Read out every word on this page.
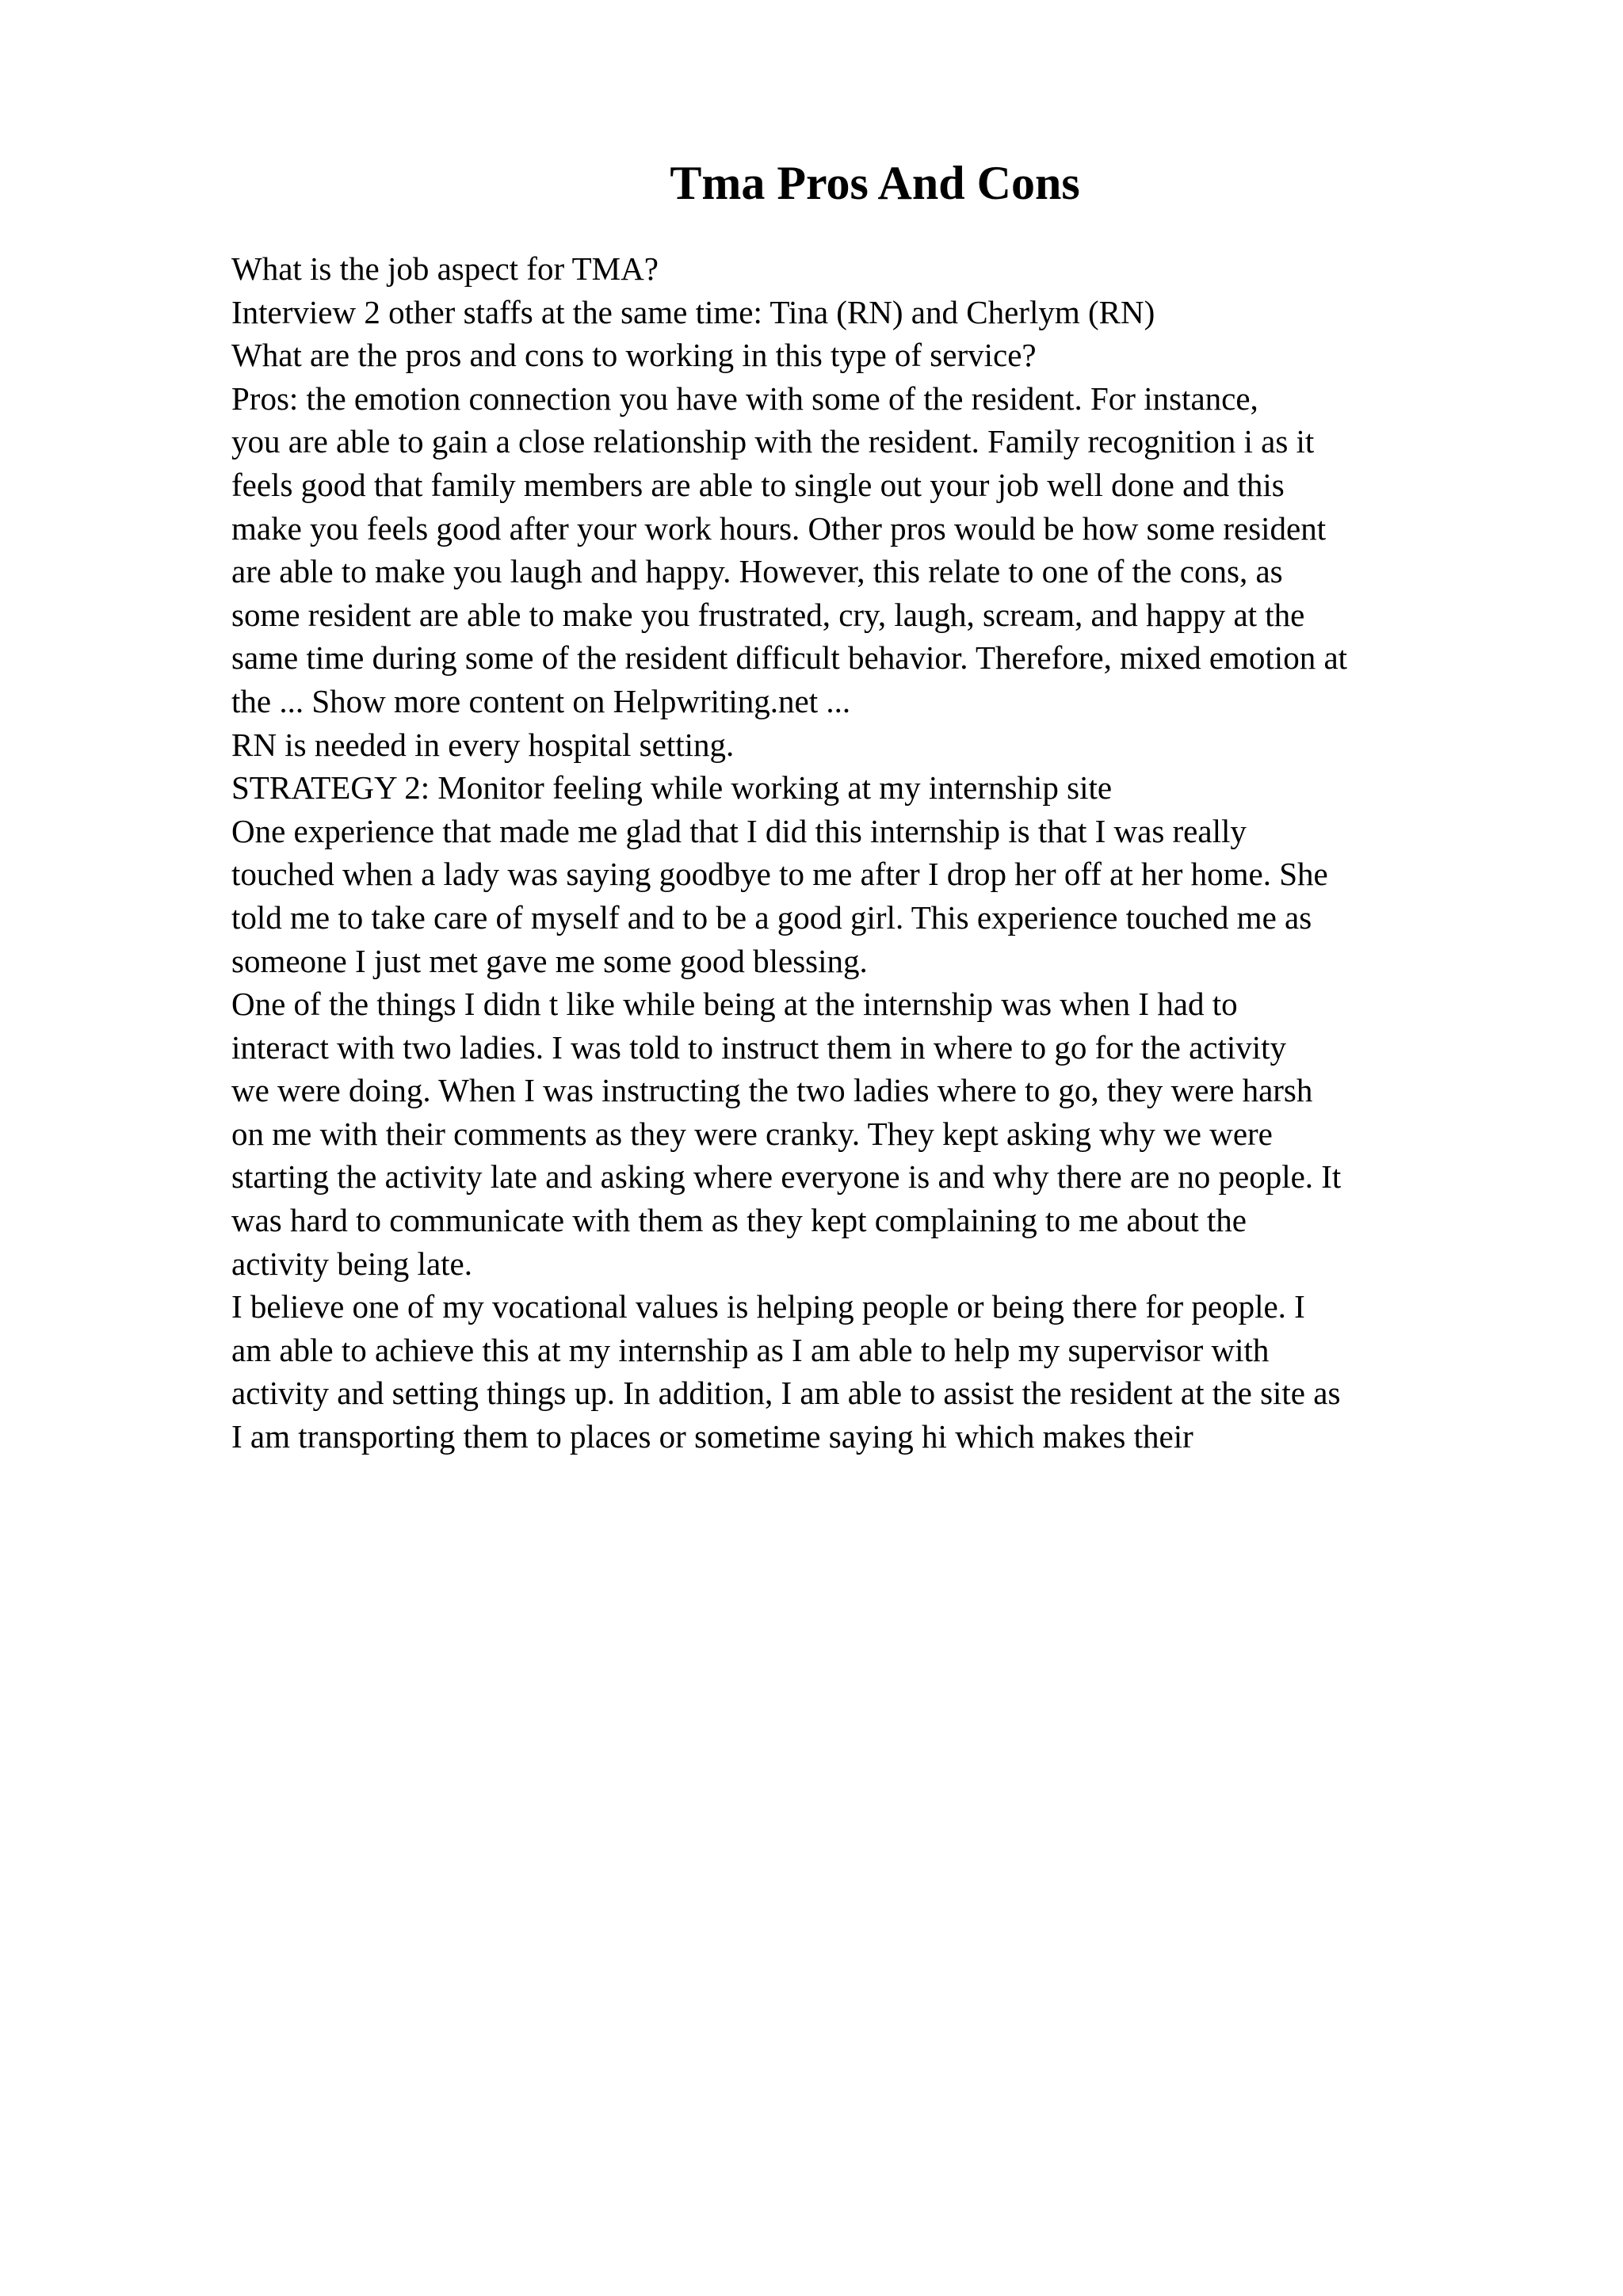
Tma Pros And Cons

What is the job aspect for TMA?

Interview 2 other staffs at the same time: Tina (RN) and Cherlym (RN)

What are the pros and cons to working in this type of service?

Pros: the emotion connection you have with some of the resident. For instance,

you are able to gain a close relationship with the resident. Family recognition i as it

feels good that family members are able to single out your job well done and this

make you feels good after your work hours. Other pros would be how some resident

are able to make you laugh and happy. However, this relate to one of the cons, as

some resident are able to make you frustrated, cry, laugh, scream, and happy at the

same time during some of the resident difficult behavior. Therefore, mixed emotion at

the ... Show more content on Helpwriting.net ...

RN is needed in every hospital setting.

STRATEGY 2: Monitor feeling while working at my internship site

One experience that made me glad that I did this internship is that I was really

touched when a lady was saying goodbye to me after I drop her off at her home. She

told me to take care of myself and to be a good girl. This experience touched me as

someone I just met gave me some good blessing.

One of the things I didn t like while being at the internship was when I had to

interact with two ladies. I was told to instruct them in where to go for the activity

we were doing. When I was instructing the two ladies where to go, they were harsh

on me with their comments as they were cranky. They kept asking why we were

starting the activity late and asking where everyone is and why there are no people. It

was hard to communicate with them as they kept complaining to me about the

activity being late.

I believe one of my vocational values is helping people or being there for people. I

am able to achieve this at my internship as I am able to help my supervisor with

activity and setting things up. In addition, I am able to assist the resident at the site as

I am transporting them to places or sometime saying hi which makes their
